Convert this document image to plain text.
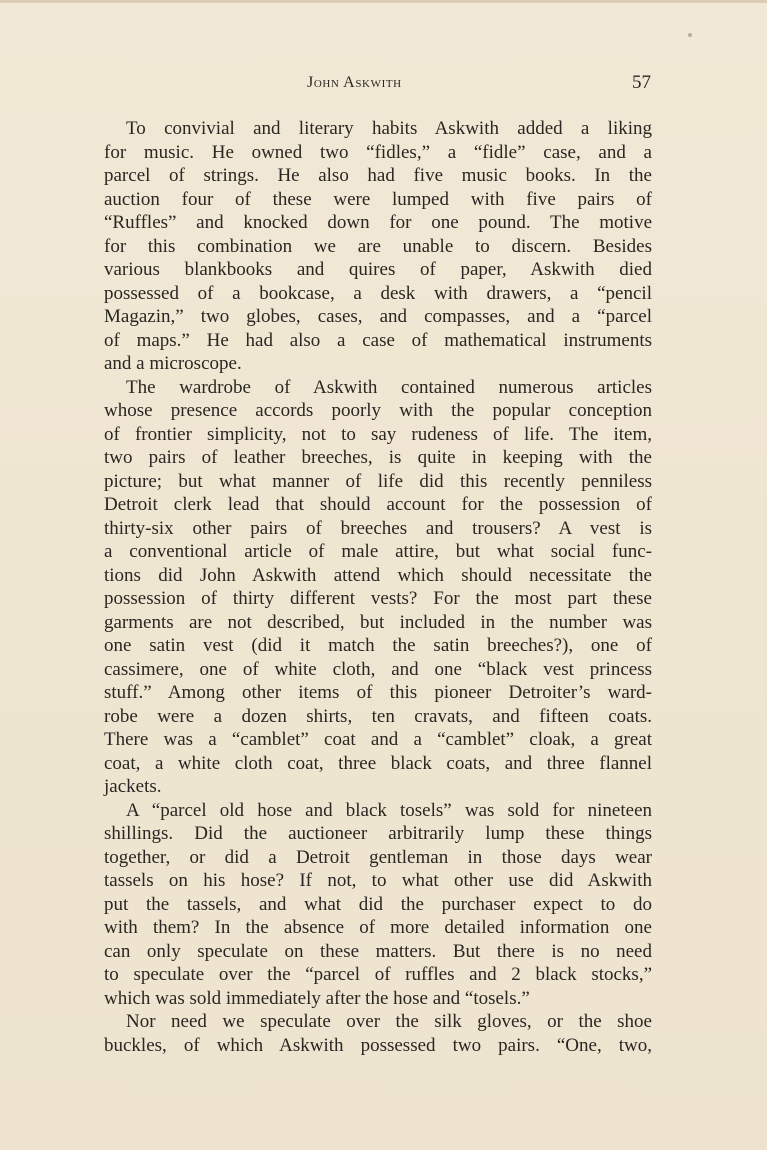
John Askwith	57
To convivial and literary habits Askwith added a liking
for music. He owned two “fidles,” a “fidle” case, and a
parcel of strings. He also had five music books. In the
auction four of these were lumped with five pairs of
“Ruffles” and knocked down for one pound. The motive
for this combination we are unable to discern. Besides
various blankbooks and quires of paper, Askwith died
possessed of a bookcase, a desk with drawers, a “pencil
Magazin,” two globes, cases, and compasses, and a “parcel
of maps.” He had also a case of mathematical instruments
and a microscope.
The wardrobe of Askwith contained numerous articles
whose presence accords poorly with the popular conception
of frontier simplicity, not to say rudeness of life. The item,
two pairs of leather breeches, is quite in keeping with the
picture; but what manner of life did this recently penniless
Detroit clerk lead that should account for the possession of
thirty-six other pairs of breeches and trousers? A vest is
a conventional article of male attire, but what social func-
tions did John Askwith attend which should necessitate the
possession of thirty different vests? For the most part these
garments are not described, but included in the number was
one satin vest (did it match the satin breeches?), one of
cassimere, one of white cloth, and one “black vest princess
stuff.” Among other items of this pioneer Detroiter’s ward-
robe were a dozen shirts, ten cravats, and fifteen coats.
There was a “camblet” coat and a “camblet” cloak, a great
coat, a white cloth coat, three black coats, and three flannel
jackets.
A “parcel old hose and black tosels” was sold for nineteen
shillings. Did the auctioneer arbitrarily lump these things
together, or did a Detroit gentleman in those days wear
tassels on his hose? If not, to what other use did Askwith
put the tassels, and what did the purchaser expect to do
with them? In the absence of more detailed information one
can only speculate on these matters. But there is no need
to speculate over the “parcel of ruffles and 2 black stocks,”
which was sold immediately after the hose and “tosels.”
Nor need we speculate over the silk gloves, or the shoe
buckles, of which Askwith possessed two pairs. “One, two,
